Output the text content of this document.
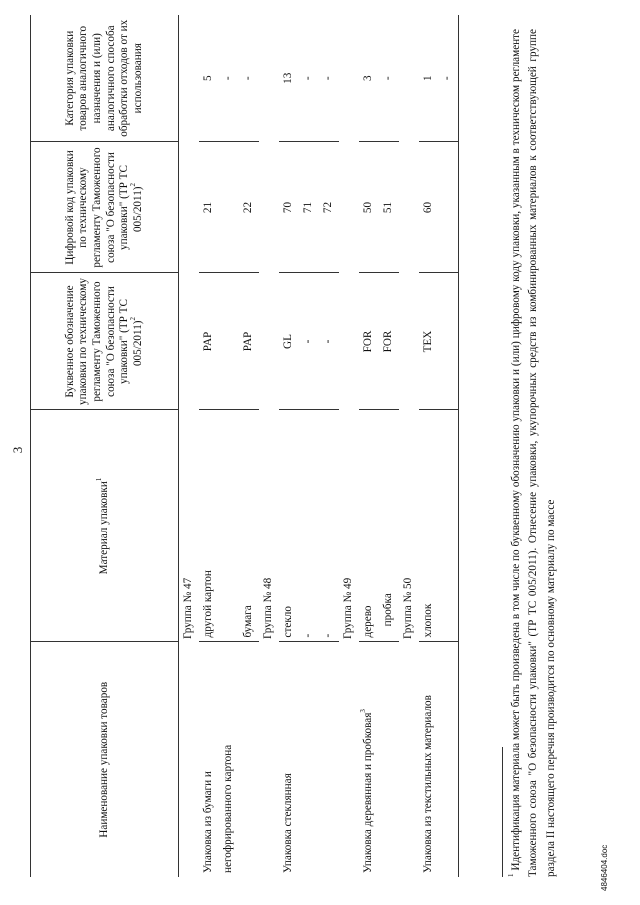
3
Наименование упаковки товаров	Материал упаковки$^1$	Буквенное обозначение упаковки по техническому регламенту Таможенного союза "О безопасности упаковки" (ТР ТС 005/2011)$^2$	Цифровой код упаковки по техническому регламенту Таможенного союза "О безопасности упаковки" (ТР ТС 005/2011)$^2$	Категория упаковки товаров аналогичного назначения и (или) аналогичного способа обработки отходов от их использования
Группа № 47				
Упаковка из бумаги и	другой картон	PAP	21	5
негофрированного картона				-
	бумага	PAP	22	-
Группа № 48				
Упаковка стеклянная	стекло	GL	70	13
	-	-	71	-
	-	-	72	-
Группа № 49				
Упаковка деревянная и пробковая$^3$	дерево	FOR	50	3
	пробка	FOR	51	-
Группа № 50				
Упаковка из текстильных материалов	хлопок	TEX	60	1
				-
$^1$ Идентификация материала может быть произведена в том числе по буквенному обозначению упаковки и (или) цифровому коду упаковки, указанным в техническом регламенте Таможенного союза "О безопасности упаковки" (ТР ТС 005/2011). Отнесение упаковки, укупорочных средств из комбинированных материалов к соответствующей группе раздела II настоящего перечня производится по основному материалу по массе	4846404.doc
